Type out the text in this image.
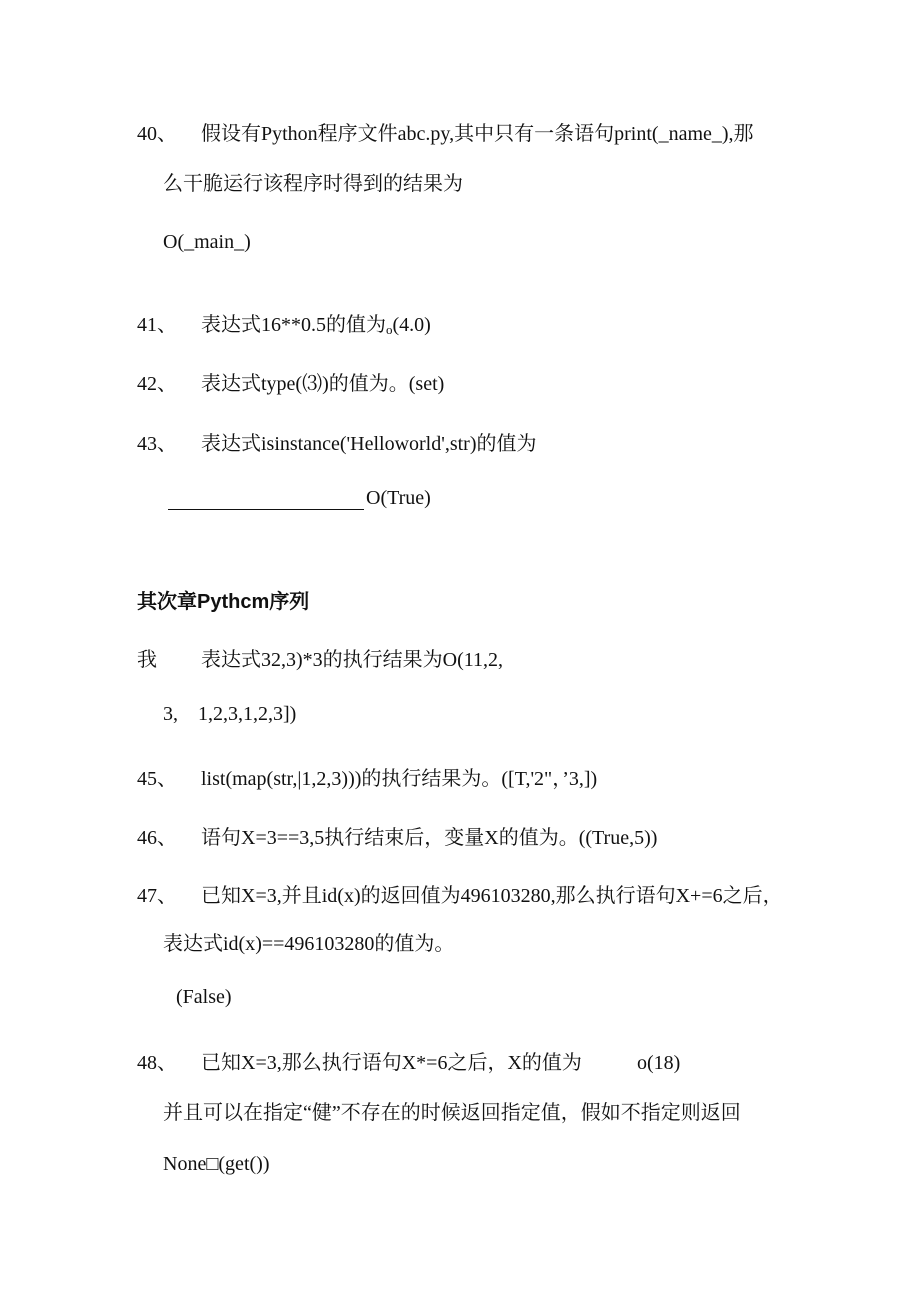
40、 假设有Python程序文件abc.py,其中只有一条语句print(_name_),那
么干脆运行该程序时得到的结果为
O(_main_)
41、 表达式16**0.5的值为$_o$(4.0)
42、 表达式type(⑶)的值为。(set)
43、 表达式isinstance('Helloworld',str)的值为
O(True)
其次章Pythcm序列
我 表达式32,3)*3的执行结果为O(11,2,
3,    1,2,3,1,2,3])
45、 list(map(str,|1,2,3)))的执行结果为。([T,'2"，’3,])
46、 语句X=3==3,5执行结束后，变量X的值为。((True,5))
47、 已知X=3,并且id(x)的返回值为496103280,那么执行语句X+=6之后，
表达式id(x)==496103280的值为。
(False)
48、 已知X=3,那么执行语句X*=6之后，X的值为	o(18)
并且可以在指定“健”不存在的时候返回指定值，假如不指定则返回
None□(get())
